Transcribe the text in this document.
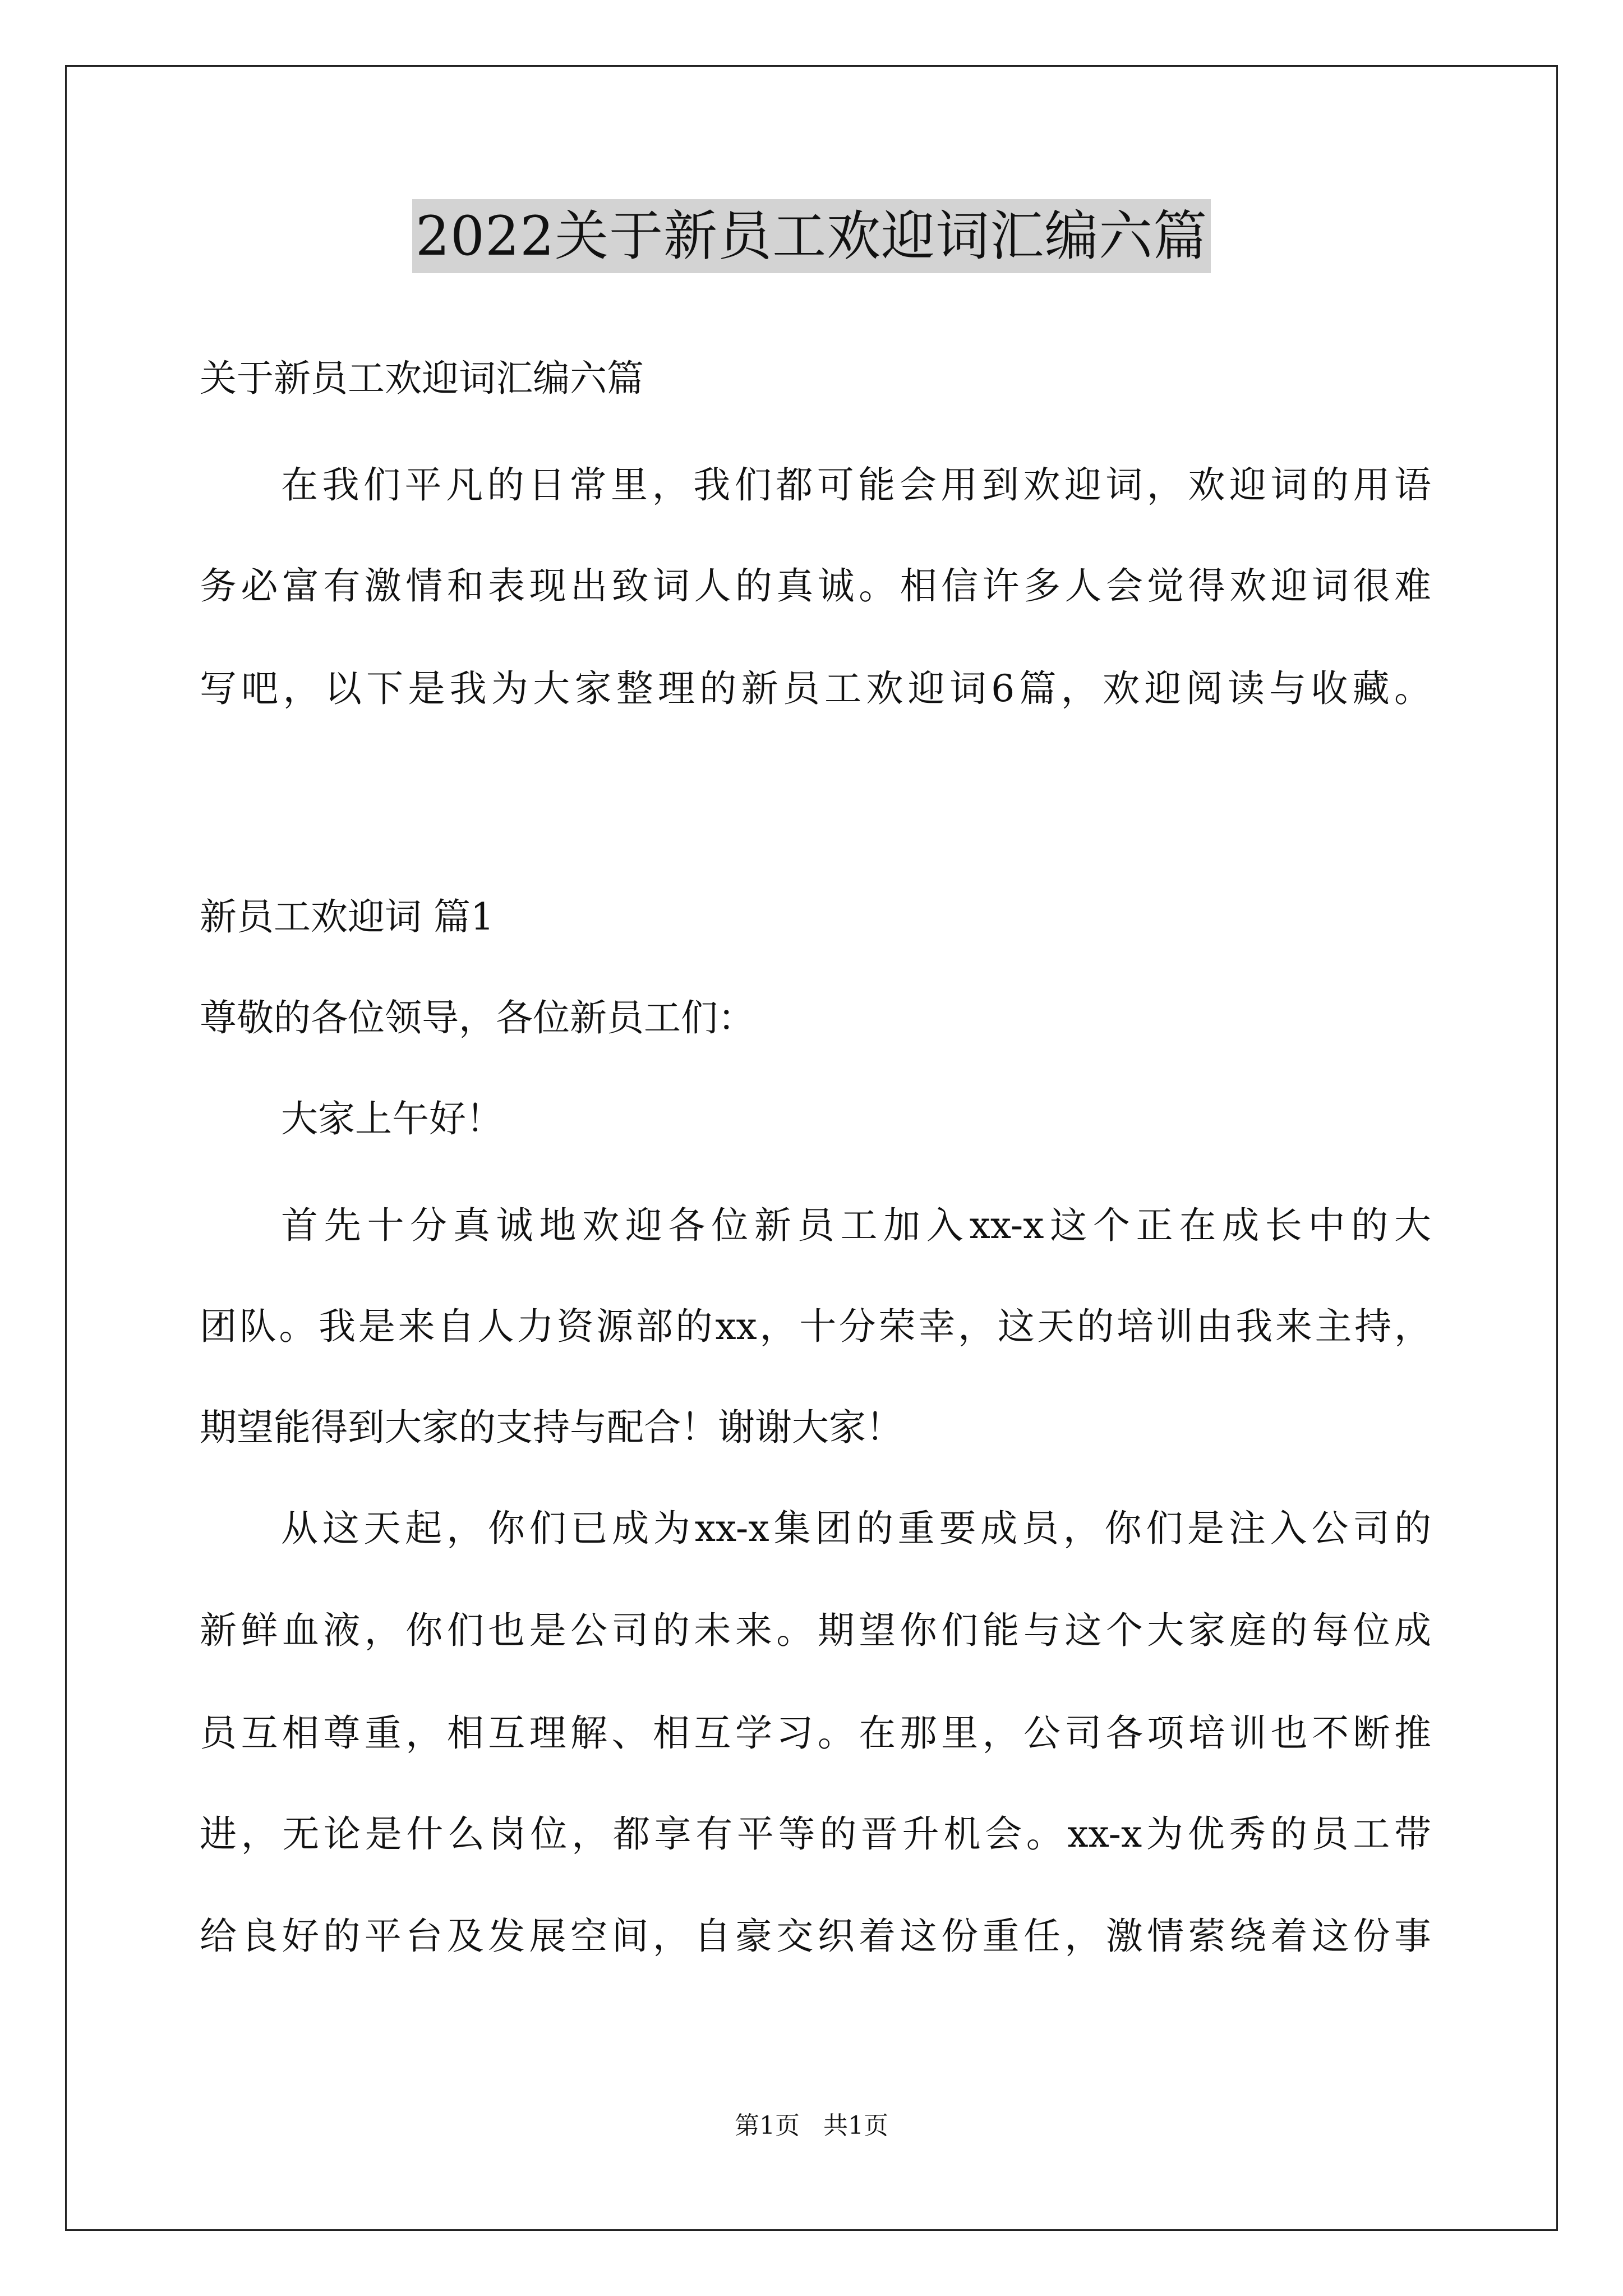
2022关于新员工欢迎词汇编六篇
关于新员工欢迎词汇编六篇
在我们平凡的日常里，我们都可能会用到欢迎词，欢迎词的用语
务必富有激情和表现出致词人的真诚。相信许多人会觉得欢迎词很难
写吧，以下是我为大家整理的新员工欢迎词6篇，欢迎阅读与收藏。
新员工欢迎词 篇1
尊敬的各位领导，各位新员工们：
大家上午好！
首先十分真诚地欢迎各位新员工加入xx-x这个正在成长中的大
团队。我是来自人力资源部的xx，十分荣幸，这天的培训由我来主持，
期望能得到大家的支持与配合！谢谢大家！
从这天起，你们已成为xx-x集团的重要成员，你们是注入公司的
新鲜血液，你们也是公司的未来。期望你们能与这个大家庭的每位成
员互相尊重，相互理解、相互学习。在那里，公司各项培训也不断推
进，无论是什么岗位，都享有平等的晋升机会。xx-x为优秀的员工带
给良好的平台及发展空间，自豪交织着这份重任，激情萦绕着这份事
第1页   共1页
